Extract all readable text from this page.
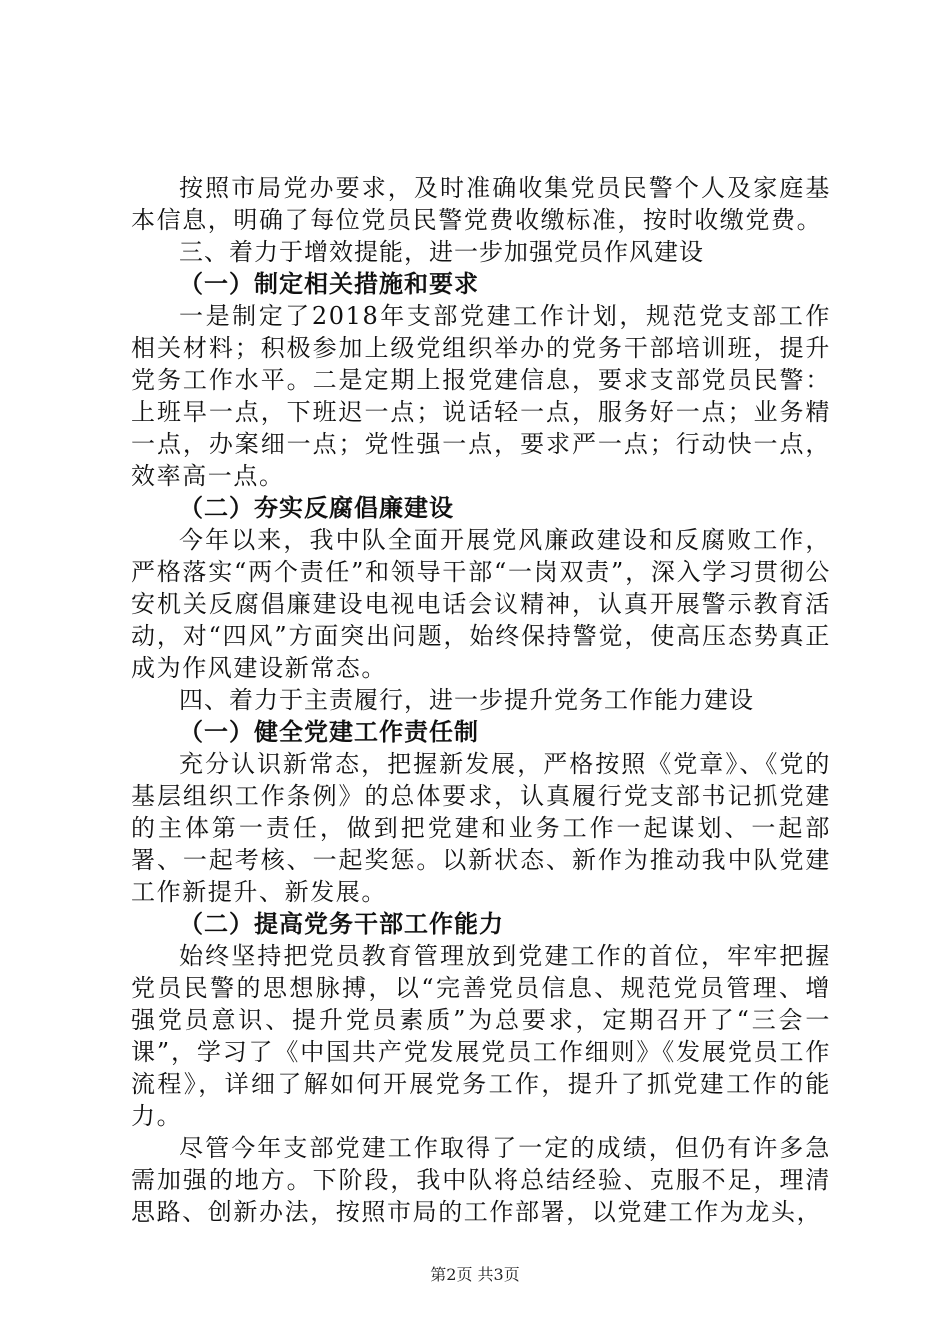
按照市局党办要求，及时准确收集党员民警个人及家庭基本信息，明确了每位党员民警党费收缴标准，按时收缴党费。

三、着力于增效提能，进一步加强党员作风建设

（一）制定相关措施和要求

一是制定了2018年支部党建工作计划，规范党支部工作相关材料；积极参加上级党组织举办的党务干部培训班，提升党务工作水平。二是定期上报党建信息，要求支部党员民警：上班早一点，下班迟一点；说话轻一点，服务好一点；业务精一点，办案细一点；党性强一点，要求严一点；行动快一点，效率高一点。

（二）夯实反腐倡廉建设

今年以来，我中队全面开展党风廉政建设和反腐败工作，严格落实“两个责任”和领导干部“一岗双责”，深入学习贯彻公安机关反腐倡廉建设电视电话会议精神，认真开展警示教育活动，对“四风”方面突出问题，始终保持警觉，使高压态势真正成为作风建设新常态。

四、着力于主责履行，进一步提升党务工作能力建设

（一）健全党建工作责任制

充分认识新常态，把握新发展，严格按照《党章》、《党的基层组织工作条例》的总体要求，认真履行党支部书记抓党建的主体第一责任，做到把党建和业务工作一起谋划、一起部署、一起考核、一起奖惩。以新状态、新作为推动我中队党建工作新提升、新发展。

（二）提高党务干部工作能力

始终坚持把党员教育管理放到党建工作的首位，牢牢把握党员民警的思想脉搏，以“完善党员信息、规范党员管理、增强党员意识、提升党员素质”为总要求，定期召开了“三会一课”，学习了《中国共产党发展党员工作细则》《发展党员工作流程》，详细了解如何开展党务工作，提升了抓党建工作的能力。

尽管今年支部党建工作取得了一定的成绩，但仍有许多急需加强的地方。下阶段，我中队将总结经验、克服不足，理清思路、创新办法，按照市局的工作部署，以党建工作为龙头，

第2页 共3页
